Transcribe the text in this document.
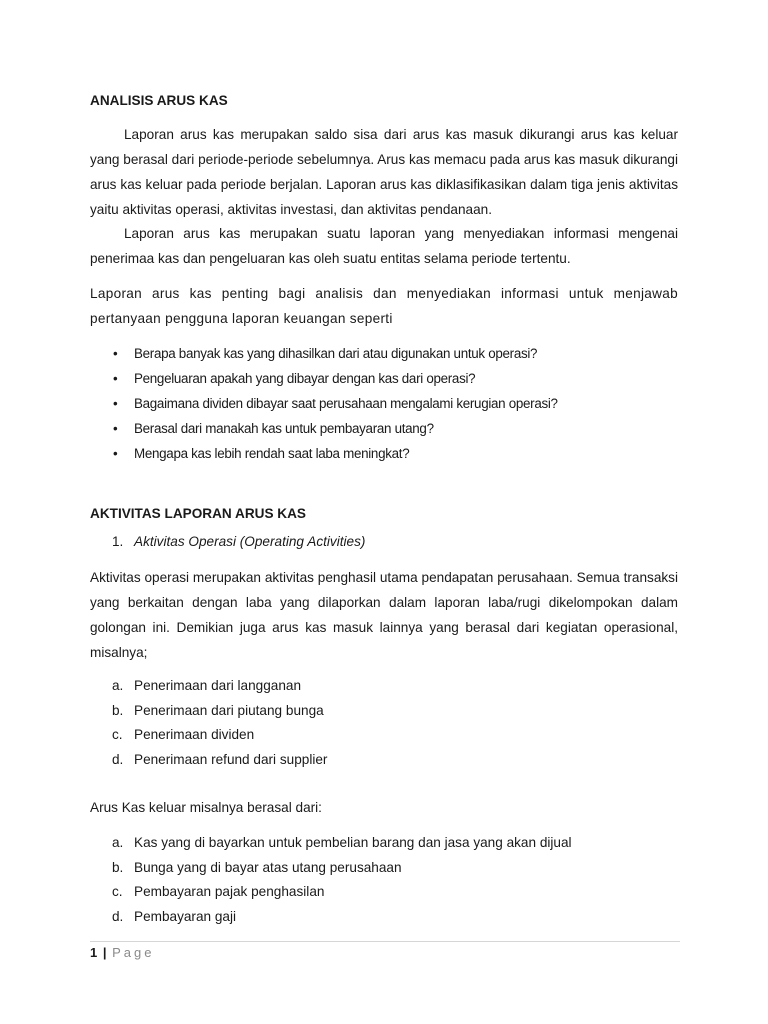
ANALISIS ARUS KAS
Laporan arus kas merupakan saldo sisa dari arus kas masuk dikurangi arus kas keluar yang berasal dari periode-periode sebelumnya. Arus kas memacu pada arus kas masuk dikurangi arus kas keluar pada periode berjalan. Laporan arus kas diklasifikasikan dalam tiga jenis aktivitas yaitu aktivitas operasi, aktivitas investasi, dan aktivitas pendanaan.
Laporan arus kas merupakan suatu laporan yang menyediakan informasi mengenai penerimaa kas dan pengeluaran kas oleh suatu entitas selama periode tertentu.
Laporan arus kas penting bagi analisis dan menyediakan informasi untuk menjawab pertanyaan pengguna laporan keuangan seperti
• Berapa banyak kas yang dihasilkan dari atau digunakan untuk operasi?
• Pengeluaran apakah yang dibayar dengan kas dari operasi?
• Bagaimana dividen dibayar saat perusahaan mengalami kerugian operasi?
• Berasal dari manakah kas untuk pembayaran utang?
• Mengapa kas lebih rendah saat laba meningkat?
AKTIVITAS LAPORAN ARUS KAS
1. Aktivitas Operasi (Operating Activities)
Aktivitas operasi merupakan aktivitas penghasil utama pendapatan perusahaan. Semua transaksi yang berkaitan dengan laba yang dilaporkan dalam laporan laba/rugi dikelompokan dalam golongan ini. Demikian juga arus kas masuk lainnya yang berasal dari kegiatan operasional, misalnya;
a. Penerimaan dari langganan
b. Penerimaan dari piutang bunga
c. Penerimaan dividen
d. Penerimaan refund dari supplier
Arus Kas keluar misalnya berasal dari:
a. Kas yang di bayarkan untuk pembelian barang dan jasa yang akan dijual
b. Bunga yang di bayar atas utang perusahaan
c. Pembayaran pajak penghasilan
d. Pembayaran gaji
1 | Page
